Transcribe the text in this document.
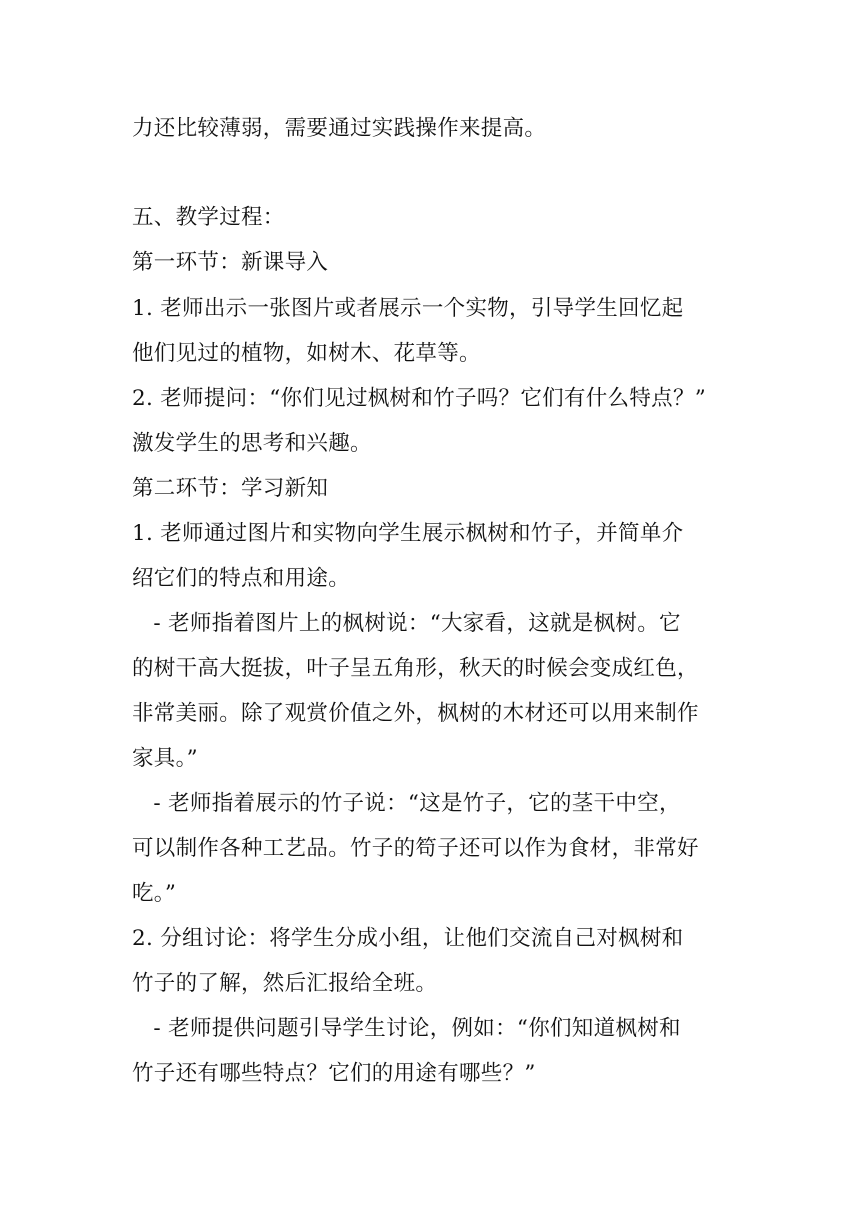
力还比较薄弱，需要通过实践操作来提高。
五、教学过程：
第一环节：新课导入
1. 老师出示一张图片或者展示一个实物，引导学生回忆起
他们见过的植物，如树木、花草等。
2. 老师提问：“你们见过枫树和竹子吗？它们有什么特点？”
激发学生的思考和兴趣。
第二环节：学习新知
1. 老师通过图片和实物向学生展示枫树和竹子，并简单介
绍它们的特点和用途。
- 老师指着图片上的枫树说：“大家看，这就是枫树。它
的树干高大挺拔，叶子呈五角形，秋天的时候会变成红色，
非常美丽。除了观赏价值之外，枫树的木材还可以用来制作
家具。”
- 老师指着展示的竹子说：“这是竹子，它的茎干中空，
可以制作各种工艺品。竹子的笱子还可以作为食材，非常好
吃。”
2. 分组讨论：将学生分成小组，让他们交流自己对枫树和
竹子的了解，然后汇报给全班。
- 老师提供问题引导学生讨论，例如：“你们知道枫树和
竹子还有哪些特点？它们的用途有哪些？”
